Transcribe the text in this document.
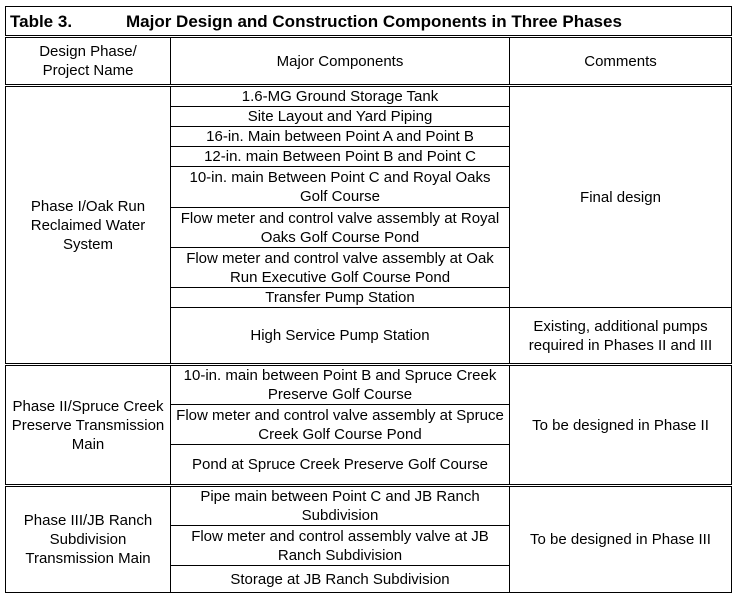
Table 3. Major Design and Construction Components in Three Phases		
Design Phase/
Project Name	Major Components	Comments
Phase I/Oak Run Reclaimed Water System	1.6-MG Ground Storage Tank	Final design
	Site Layout and Yard Piping	
	16-in. Main between Point A and Point B	
	12-in. main Between Point B and Point C	
	10-in. main Between Point C and Royal Oaks Golf Course	
	Flow meter and control valve assembly at Royal Oaks Golf Course Pond	
	Flow meter and control valve assembly at Oak Run Executive Golf Course Pond	
	Transfer Pump Station	
	High Service Pump Station	Existing, additional pumps required in Phases II and III
Phase II/Spruce Creek Preserve Transmission Main	10-in. main between Point B and Spruce Creek Preserve Golf Course	To be designed in Phase II
	Flow meter and control valve assembly at Spruce Creek Golf Course Pond	
	Pond at Spruce Creek Preserve Golf Course	
Phase III/JB Ranch Subdivision Transmission Main	Pipe main between Point C and JB Ranch Subdivision	To be designed in Phase III
	Flow meter and control assembly valve at JB Ranch Subdivision	
	Storage at JB Ranch Subdivision	
